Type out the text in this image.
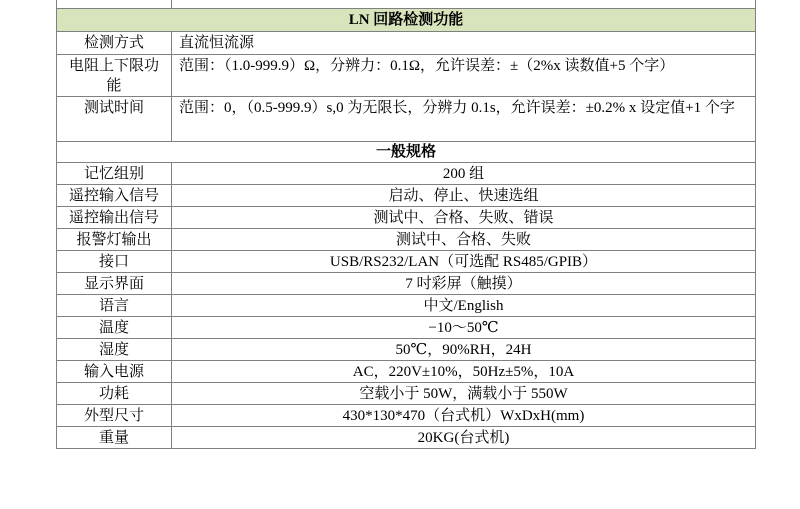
LN 回路检测功能	
检测方式	直流恒流源
电阻上下限功能	范围：（1.0-999.9）Ω，分辨力：0.1Ω，允许误差：±（2%x 读数值+5 个字）
测试时间	范围：0，（0.5-999.9）s,0 为无限长，分辨力 0.1s，允许误差：±0.2% x 设定值+1 个字
一般规格	
记忆组别	200 组
遥控输入信号	启动、停止、快速选组
遥控输出信号	测试中、合格、失败、错误
报警灯输出	测试中、合格、失败
接口	USB/RS232/LAN（可选配 RS485/GPIB）
显示界面	7 吋彩屏（触摸）
语言	中文/English
温度	−10～50℃
湿度	50℃，90%RH，24H
输入电源	AC，220V±10%，50Hz±5%，10A
功耗	空载小于 50W，满载小于 550W
外型尺寸	430*130*470（台式机）WxDxH(mm)
重量	20KG(台式机)
